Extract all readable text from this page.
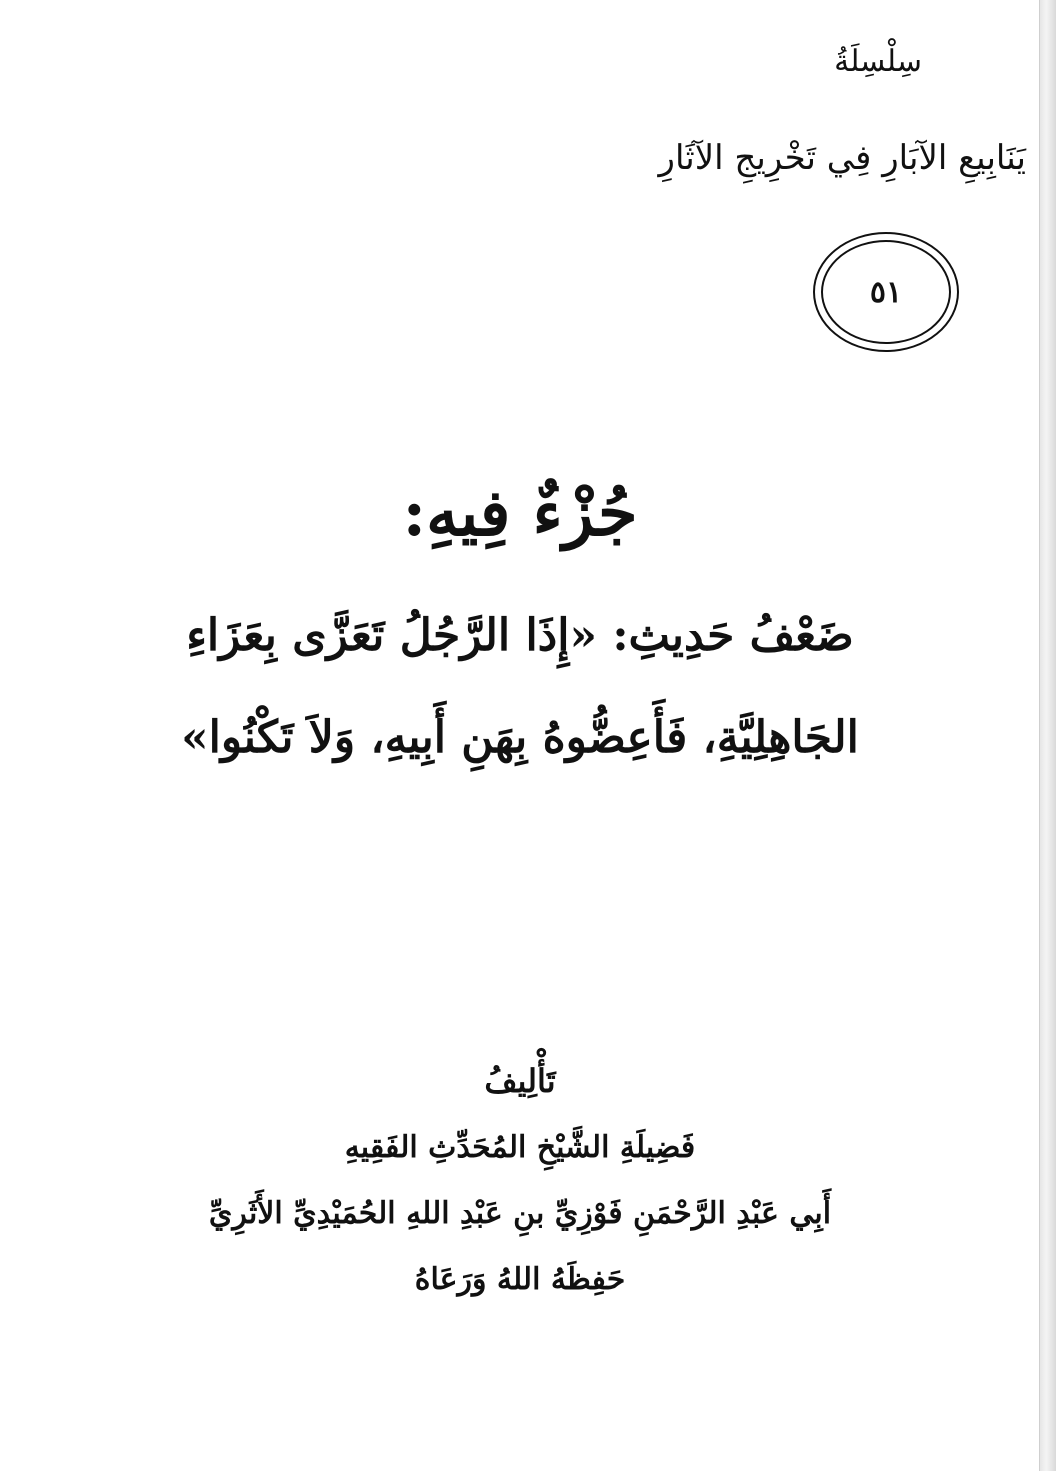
سِلْسِلَةُ
يَنَابِيعِ الآبَارِ فِي تَخْرِيجِ الآثَارِ
٥١
جُزْءٌ فِيهِ:
ضَعْفُ حَدِيثِ: «إِذَا الرَّجُلُ تَعَزَّى بِعَزَاءِ
الجَاهِلِيَّةِ، فَأَعِضُّوهُ بِهَنِ أَبِيهِ، وَلاَ تَكْنُوا»
تَأْلِيفُ
فَضِيلَةِ الشَّيْخِ المُحَدِّثِ الفَقِيهِ
أَبِي عَبْدِ الرَّحْمَنِ فَوْزِيِّ بنِ عَبْدِ اللهِ الحُمَيْدِيِّ الأَثَرِيِّ
حَفِظَهُ اللهُ وَرَعَاهُ
